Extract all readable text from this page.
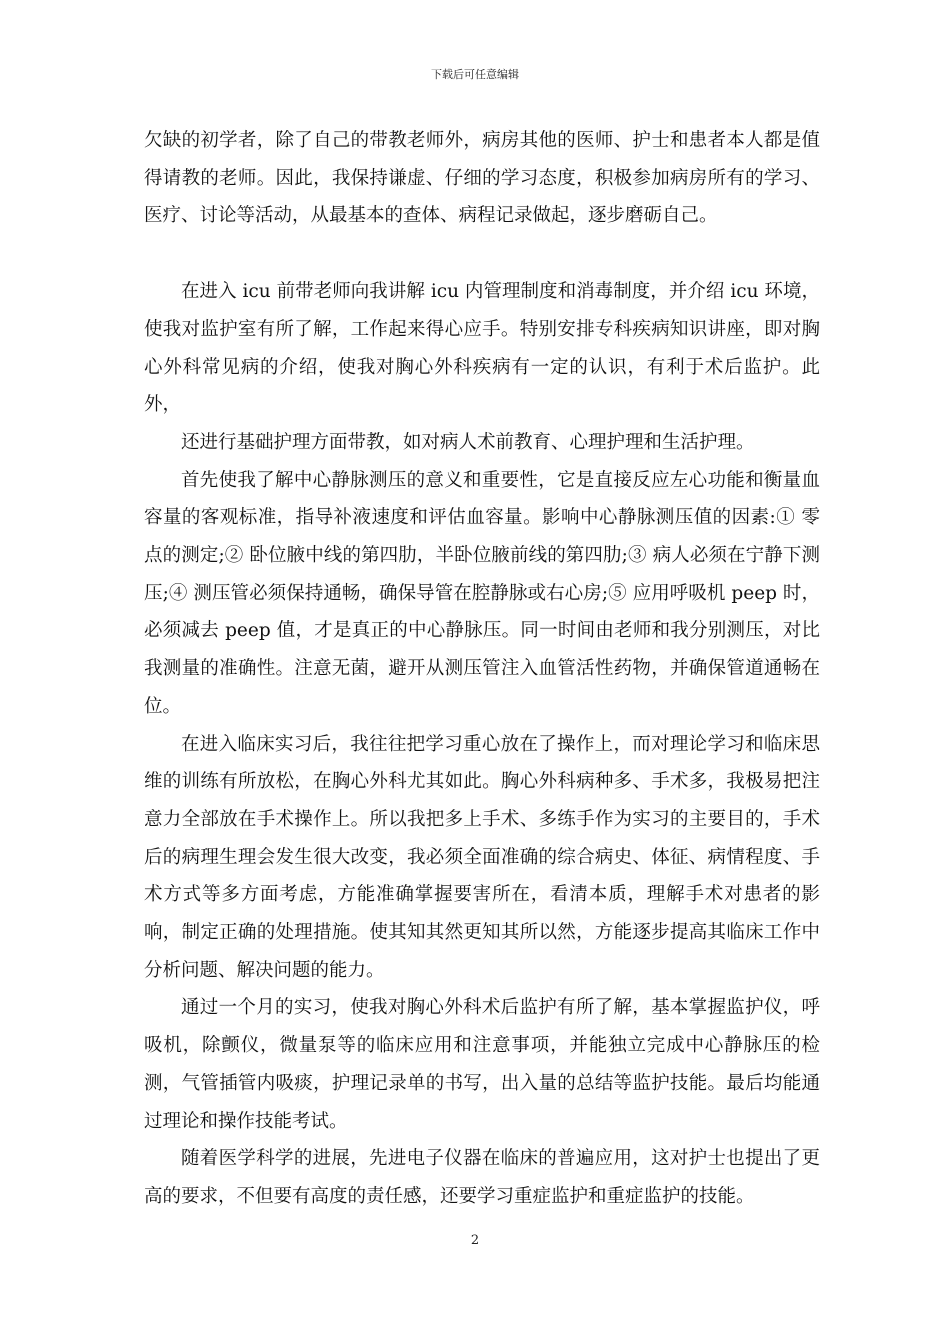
下载后可任意编辑

欠缺的初学者，除了自己的带教老师外，病房其他的医师、护士和患者本人都是值得请教的老师。因此，我保持谦虚、仔细的学习态度，积极参加病房所有的学习、医疗、讨论等活动，从最基本的查体、病程记录做起，逐步磨砺自己。

在进入 icu 前带老师向我讲解 icu 内管理制度和消毒制度，并介绍 icu 环境，使我对监护室有所了解，工作起来得心应手。特别安排专科疾病知识讲座，即对胸心外科常见病的介绍，使我对胸心外科疾病有一定的认识，有利于术后监护。此外，

还进行基础护理方面带教，如对病人术前教育、心理护理和生活护理。

首先使我了解中心静脉测压的意义和重要性，它是直接反应左心功能和衡量血容量的客观标准，指导补液速度和评估血容量。影响中心静脉测压值的因素:① 零点的测定;② 卧位腋中线的第四肋，半卧位腋前线的第四肋;③ 病人必须在宁静下测压;④ 测压管必须保持通畅，确保导管在腔静脉或右心房;⑤ 应用呼吸机 peep 时，必须减去 peep 值，才是真正的中心静脉压。同一时间由老师和我分别测压，对比我测量的准确性。注意无菌，避开从测压管注入血管活性药物，并确保管道通畅在位。

在进入临床实习后，我往往把学习重心放在了操作上，而对理论学习和临床思维的训练有所放松，在胸心外科尤其如此。胸心外科病种多、手术多，我极易把注意力全部放在手术操作上。所以我把多上手术、多练手作为实习的主要目的，手术后的病理生理会发生很大改变，我必须全面准确的综合病史、体征、病情程度、手术方式等多方面考虑，方能准确掌握要害所在，看清本质，理解手术对患者的影响，制定正确的处理措施。使其知其然更知其所以然，方能逐步提高其临床工作中分析问题、解决问题的能力。

通过一个月的实习，使我对胸心外科术后监护有所了解，基本掌握监护仪，呼吸机，除颤仪，微量泵等的临床应用和注意事项，并能独立完成中心静脉压的检测，气管插管内吸痰，护理记录单的书写，出入量的总结等监护技能。最后均能通过理论和操作技能考试。

随着医学科学的进展，先进电子仪器在临床的普遍应用，这对护士也提出了更高的要求，不但要有高度的责任感，还要学习重症监护和重症监护的技能。

2
